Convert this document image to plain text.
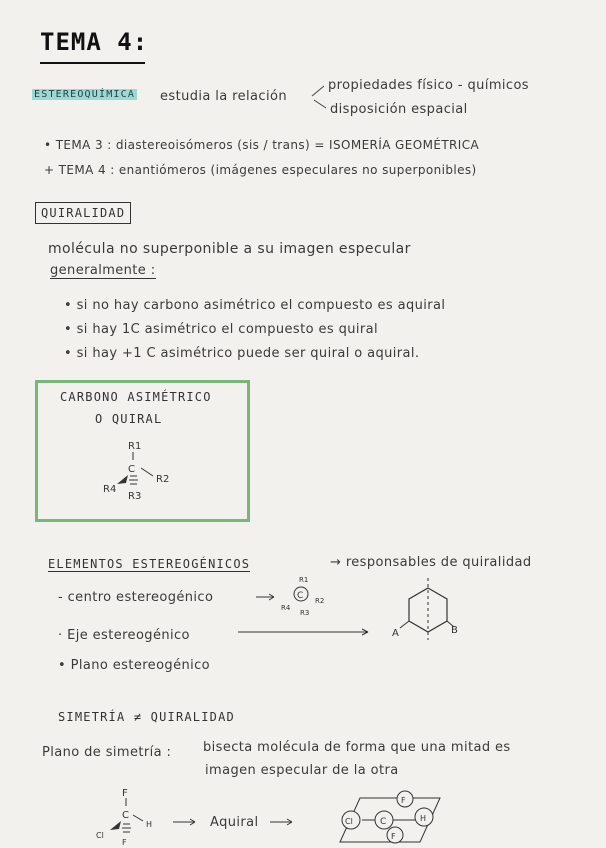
TEMA 4:
ESTEREOQUÍMICA estudia la relación
propiedades físico - químicos
disposición espacial
• TEMA 3 : diastereoisómeros (sis / trans) = ISOMERÍA GEOMÉTRICA
+ TEMA 4 : enantiómeros (imágenes especulares no superponibles)
QUIRALIDAD
molécula no superponible a su imagen especular
generalmente :
• si no hay carbono asimétrico el compuesto es aquiral
• si hay 1C asimétrico el compuesto es quiral
• si hay +1 C asimétrico puede ser quiral o aquiral.
CARBONO ASIMÉTRICO
O QUIRAL
ELEMENTOS ESTEREOGÉNICOS	→ responsables de quiralidad
- centro estereogénico
· Eje estereogénico
• Plano estereogénico
SIMETRÍA ≠ QUIRALIDAD
Plano de simetría : bisecta molécula de forma que una mitad es
imagen especular de la otra
Aquiral
R1
C
R2
R4
R3
R1
C R2
R4
R3
A	B
F
C
H
Cl
F
Cl	C
F
H
F
